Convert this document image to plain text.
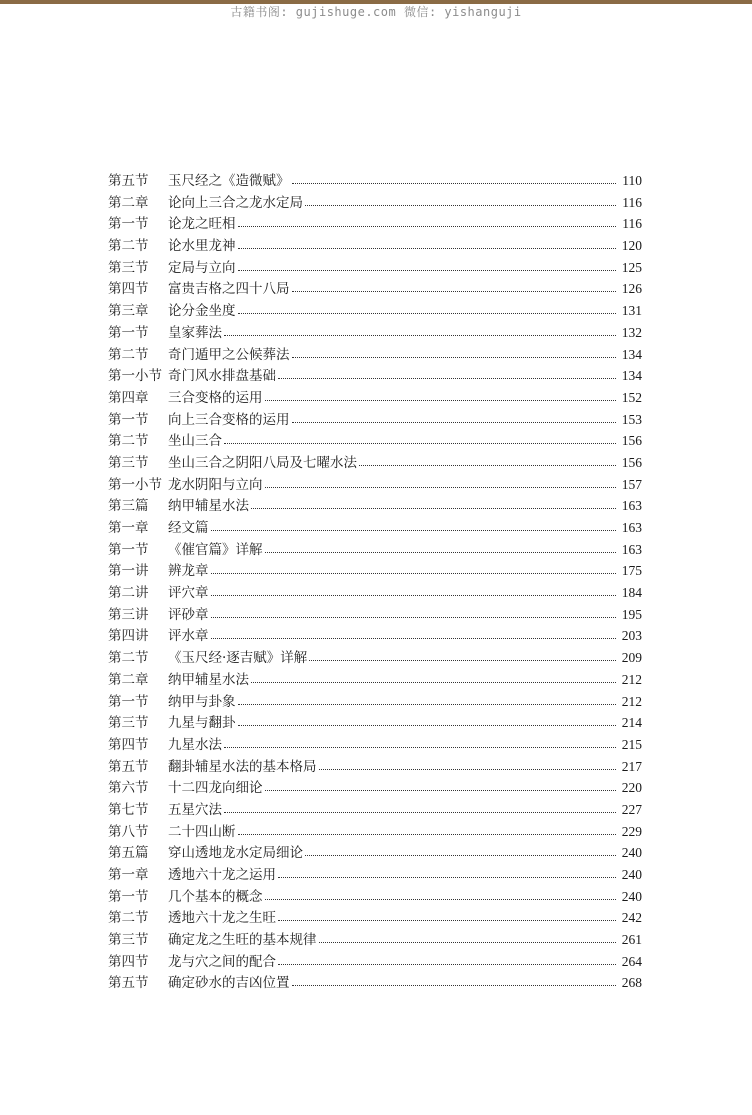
古籍书阁: gujishuge.com 微信: yishanguji
第五节	玉尺经之《造微赋》	110
第二章	论向上三合之龙水定局	116
第一节	论龙之旺相	116
第二节	论水里龙神	120
第三节	定局与立向	125
第四节	富贵吉格之四十八局	126
第三章	论分金坐度	131
第一节	皇家葬法	132
第二节	奇门遁甲之公候葬法	134
第一小节 奇门风水排盘基础	134
第四章	三合变格的运用	152
第一节	向上三合变格的运用	153
第二节	坐山三合	156
第三节	坐山三合之阴阳八局及七曜水法	156
第一小节 龙水阴阳与立向	157
第三篇	纳甲辅星水法	163
第一章	经文篇	163
第一节	《催官篇》详解	163
第一讲	辨龙章	175
第二讲	评穴章	184
第三讲	评砂章	195
第四讲	评水章	203
第二节	《玉尺经·逐吉赋》详解	209
第二章	纳甲辅星水法	212
第一节	纳甲与卦象	212
第三节	九星与翻卦	214
第四节	九星水法	215
第五节	翻卦辅星水法的基本格局	217
第六节	十二四龙向细论	220
第七节	五星穴法	227
第八节	二十四山断	229
第五篇	穿山透地龙水定局细论	240
第一章	透地六十龙之运用	240
第一节	几个基本的概念	240
第二节	透地六十龙之生旺	242
第三节	确定龙之生旺的基本规律	261
第四节	龙与穴之间的配合	264
第五节	确定砂水的吉凶位置	268
